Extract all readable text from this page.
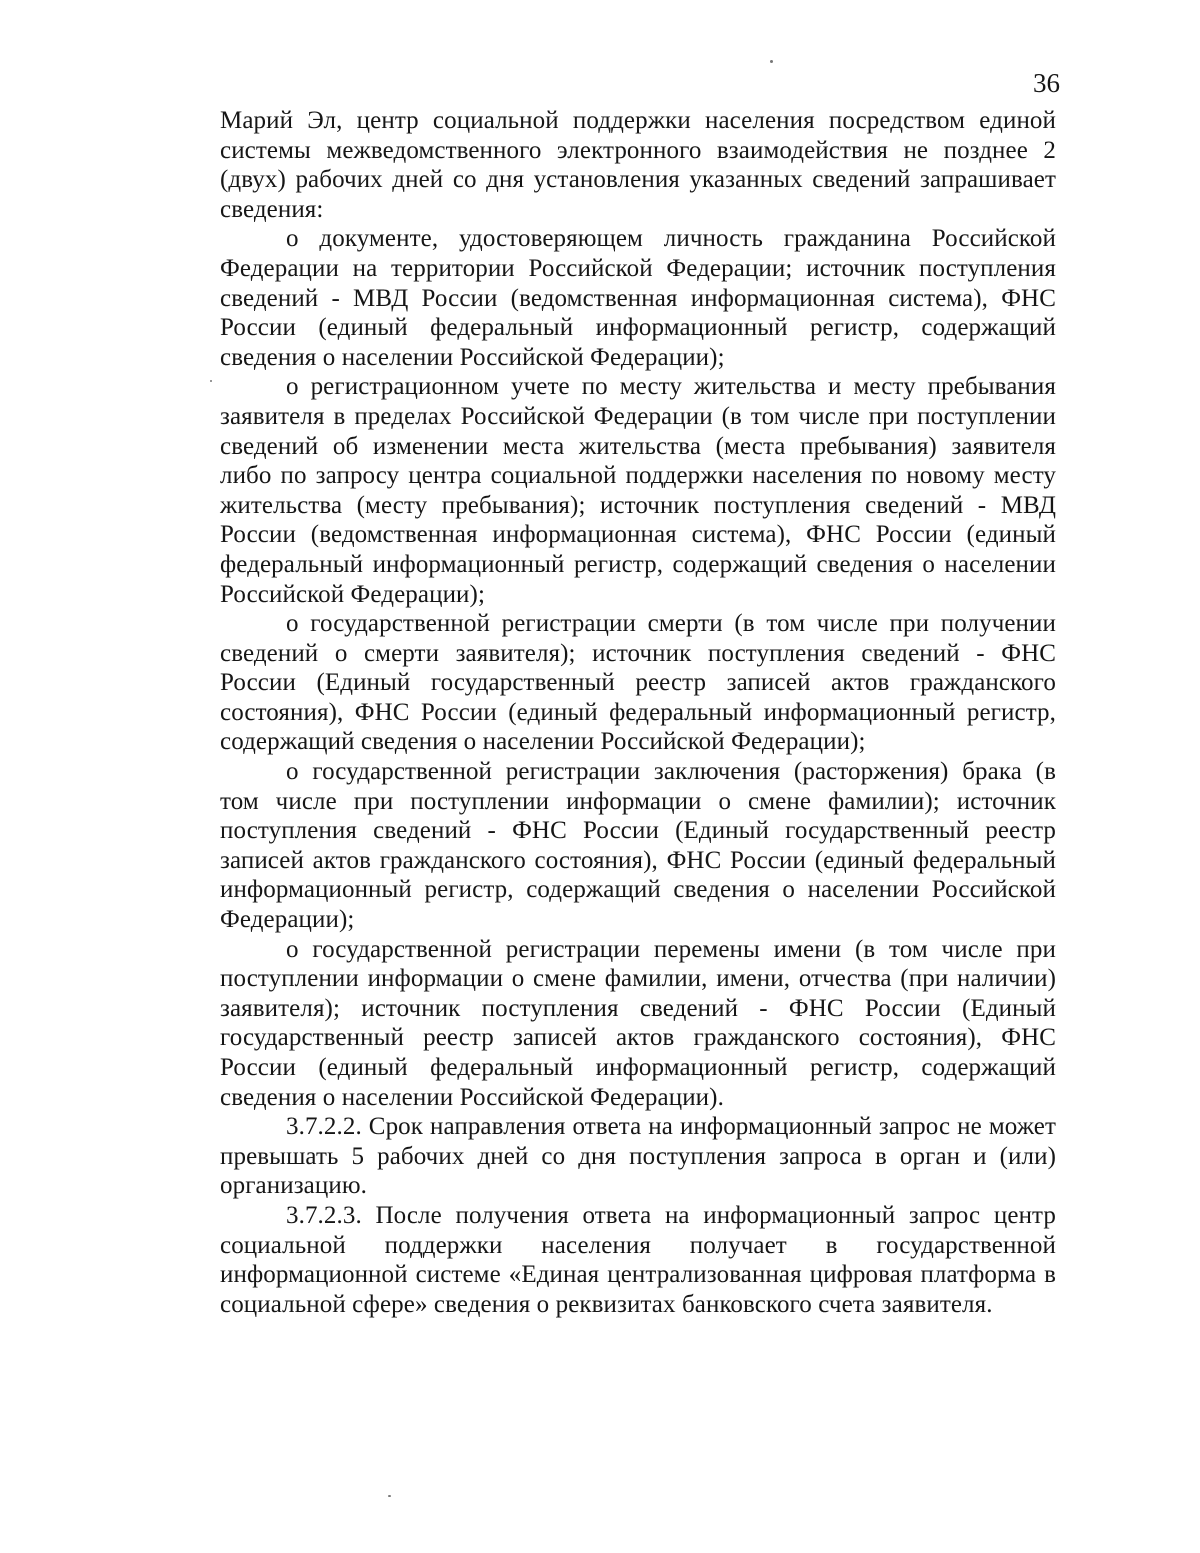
36

Марий Эл, центр социальной поддержки населения посредством единой системы межведомственного электронного взаимодействия не позднее 2 (двух) рабочих дней со дня установления указанных сведений запрашивает сведения:

о документе, удостоверяющем личность гражданина Российской Федерации на территории Российской Федерации; источник поступления сведений - МВД России (ведомственная информационная система), ФНС России (единый федеральный информационный регистр, содержащий сведения о населении Российской Федерации);

о регистрационном учете по месту жительства и месту пребывания заявителя в пределах Российской Федерации (в том числе при поступлении сведений об изменении места жительства (места пребывания) заявителя либо по запросу центра социальной поддержки населения по новому месту жительства (месту пребывания); источник поступления сведений - МВД России (ведомственная информационная система), ФНС России (единый федеральный информационный регистр, содержащий сведения о населении Российской Федерации);

о государственной регистрации смерти (в том числе при получении сведений о смерти заявителя); источник поступления сведений - ФНС России (Единый государственный реестр записей актов гражданского состояния), ФНС России (единый федеральный информационный регистр, содержащий сведения о населении Российской Федерации);

о государственной регистрации заключения (расторжения) брака (в том числе при поступлении информации о смене фамилии); источник поступления сведений - ФНС России (Единый государственный реестр записей актов гражданского состояния), ФНС России (единый федеральный информационный регистр, содержащий сведения о населении Российской Федерации);

о государственной регистрации перемены имени (в том числе при поступлении информации о смене фамилии, имени, отчества (при наличии) заявителя); источник поступления сведений - ФНС России (Единый государственный реестр записей актов гражданского состояния), ФНС России (единый федеральный информационный регистр, содержащий сведения о населении Российской Федерации).

3.7.2.2. Срок направления ответа на информационный запрос не может превышать 5 рабочих дней со дня поступления запроса в орган и (или) организацию.

3.7.2.3. После получения ответа на информационный запрос центр социальной поддержки населения получает в государственной информационной системе «Единая централизованная цифровая платформа в социальной сфере» сведения о реквизитах банковского счета заявителя.
